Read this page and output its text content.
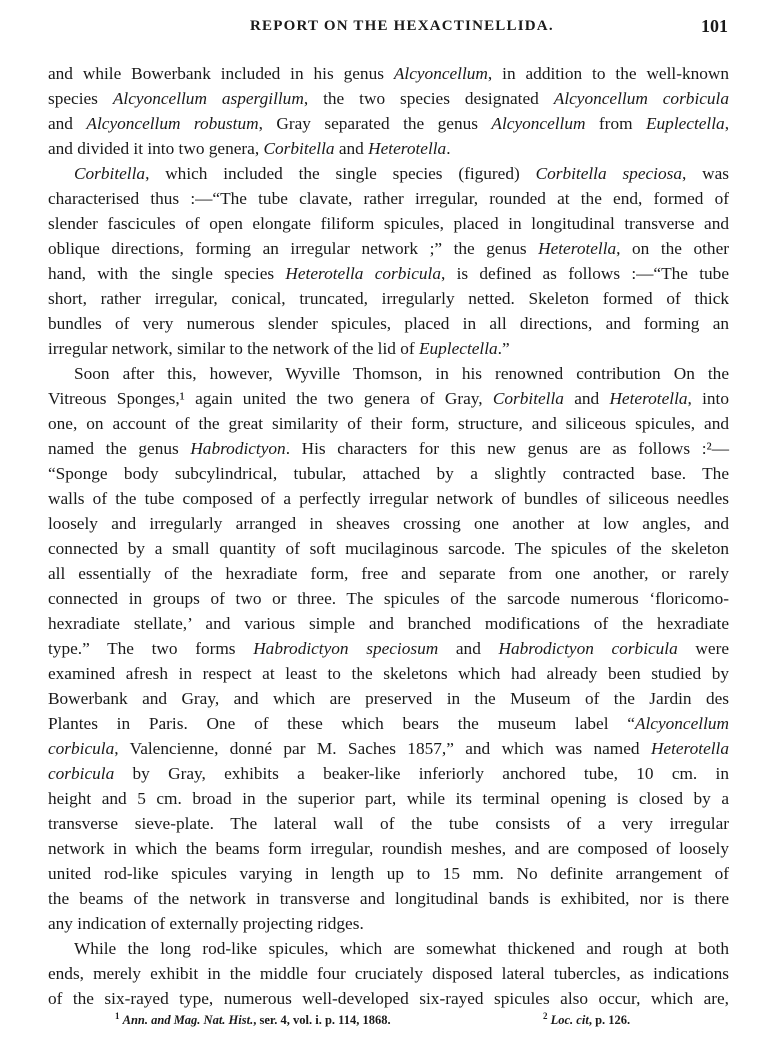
REPORT ON THE HEXACTINELLIDA.	101
and while Bowerbank included in his genus Alcyoncellum, in addition to the well-known
species Alcyoncellum aspergillum, the two species designated Alcyoncellum corbicula
and Alcyoncellum robustum, Gray separated the genus Alcyoncellum from Euplectella,
and divided it into two genera, Corbitella and Heterotella.
Corbitella, which included the single species (figured) Corbitella speciosa, was
characterised thus :—“The tube clavate, rather irregular, rounded at the end, formed of
slender fascicules of open elongate filiform spicules, placed in longitudinal transverse and
oblique directions, forming an irregular network ;” the genus Heterotella, on the other
hand, with the single species Heterotella corbicula, is defined as follows :—“The tube
short, rather irregular, conical, truncated, irregularly netted. Skeleton formed of thick
bundles of very numerous slender spicules, placed in all directions, and forming an
irregular network, similar to the network of the lid of Euplectella.”
Soon after this, however, Wyville Thomson, in his renowned contribution On the
Vitreous Sponges,¹ again united the two genera of Gray, Corbitella and Heterotella, into
one, on account of the great similarity of their form, structure, and siliceous spicules, and
named the genus Habrodictyon. His characters for this new genus are as follows :²—
“Sponge body subcylindrical, tubular, attached by a slightly contracted base. The
walls of the tube composed of a perfectly irregular network of bundles of siliceous needles
loosely and irregularly arranged in sheaves crossing one another at low angles, and
connected by a small quantity of soft mucilaginous sarcode. The spicules of the skeleton
all essentially of the hexradiate form, free and separate from one another, or rarely
connected in groups of two or three. The spicules of the sarcode numerous ‘floricomo-
hexradiate stellate,’ and various simple and branched modifications of the hexradiate
type.” The two forms Habrodictyon speciosum and Habrodictyon corbicula were
examined afresh in respect at least to the skeletons which had already been studied by
Bowerbank and Gray, and which are preserved in the Museum of the Jardin des
Plantes in Paris. One of these which bears the museum label “Alcyoncellum
corbicula, Valencienne, donné par M. Saches 1857,” and which was named Heterotella
corbicula by Gray, exhibits a beaker-like inferiorly anchored tube, 10 cm. in
height and 5 cm. broad in the superior part, while its terminal opening is closed by a
transverse sieve-plate. The lateral wall of the tube consists of a very irregular
network in which the beams form irregular, roundish meshes, and are composed of loosely
united rod-like spicules varying in length up to 15 mm. No definite arrangement of
the beams of the network in transverse and longitudinal bands is exhibited, nor is there
any indication of externally projecting ridges.
While the long rod-like spicules, which are somewhat thickened and rough at both
ends, merely exhibit in the middle four cruciately disposed lateral tubercles, as indications
of the six-rayed type, numerous well-developed six-rayed spicules also occur, which are,
$^1$ Ann. and Mag. Nat. Hist., ser. 4, vol. i. p. 114, 1868.	$^2$ Loc. cit, p. 126.
